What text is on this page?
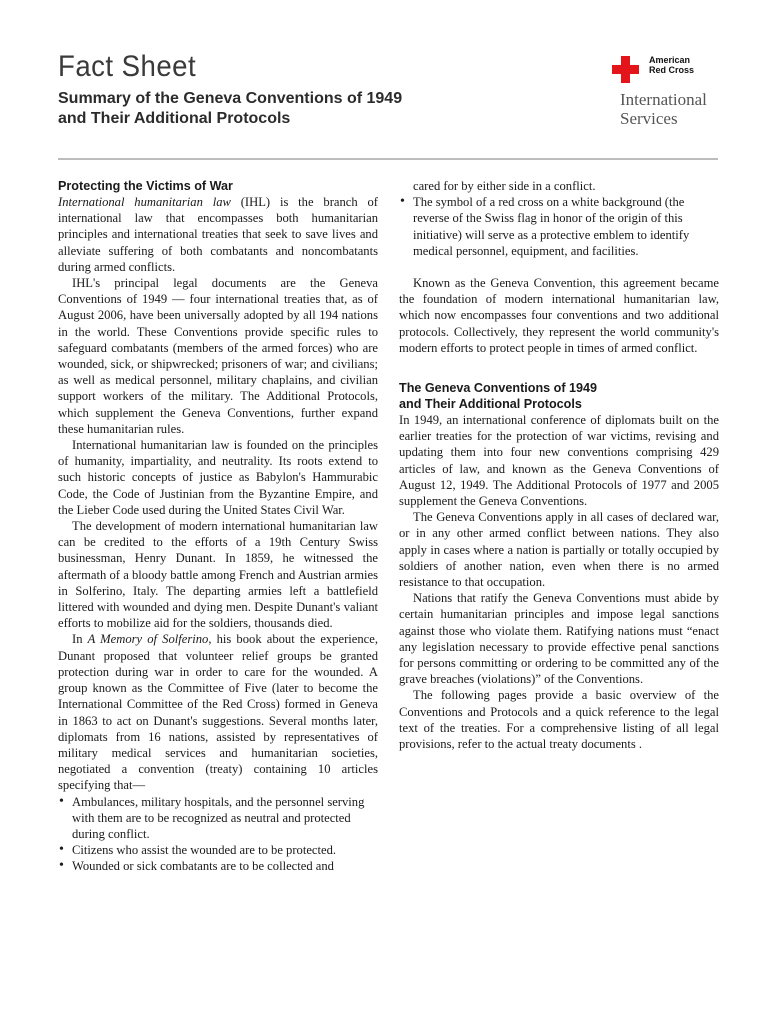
Fact Sheet
Summary of the Geneva Conventions of 1949
and Their Additional Protocols
American
Red Cross
International
Services
Protecting the Victims of War

International humanitarian law (IHL) is the branch of international law that encompasses both humanitarian principles and international treaties that seek to save lives and alleviate suffering of both combatants and noncombatants during armed conflicts.

IHL's principal legal documents are the Geneva Conventions of 1949 — four international treaties that, as of August 2006, have been universally adopted by all 194 nations in the world. These Conventions provide specific rules to safeguard combatants (members of the armed forces) who are wounded, sick, or shipwrecked; prisoners of war; and civilians; as well as medical personnel, military chaplains, and civilian support workers of the military. The Additional Protocols, which supplement the Geneva Conventions, further expand these humanitarian rules.

International humanitarian law is founded on the principles of humanity, impartiality, and neutrality. Its roots extend to such historic concepts of justice as Babylon's Hammurabic Code, the Code of Justinian from the Byzantine Empire, and the Lieber Code used during the United States Civil War.

The development of modern international humanitarian law can be credited to the efforts of a 19th Century Swiss businessman, Henry Dunant. In 1859, he witnessed the aftermath of a bloody battle among French and Austrian armies in Solferino, Italy. The departing armies left a battlefield littered with wounded and dying men. Despite Dunant's valiant efforts to mobilize aid for the soldiers, thousands died.

In A Memory of Solferino, his book about the experience, Dunant proposed that volunteer relief groups be granted protection during war in order to care for the wounded. A group known as the Committee of Five (later to become the International Committee of the Red Cross) formed in Geneva in 1863 to act on Dunant's suggestions. Several months later, diplomats from 16 nations, assisted by representatives of military medical services and humanitarian societies, negotiated a convention (treaty) containing 10 articles specifying that—

• Ambulances, military hospitals, and the personnel serving with them are to be recognized as neutral and protected during conflict.
• Citizens who assist the wounded are to be protected.
• Wounded or sick combatants are to be collected and
cared for by either side in a conflict.
• The symbol of a red cross on a white background (the reverse of the Swiss flag in honor of the origin of this initiative) will serve as a protective emblem to identify medical personnel, equipment, and facilities.

Known as the Geneva Convention, this agreement became the foundation of modern international humanitarian law, which now encompasses four conventions and two additional protocols. Collectively, they represent the world community's modern efforts to protect people in times of armed conflict.

The Geneva Conventions of 1949
and Their Additional Protocols

In 1949, an international conference of diplomats built on the earlier treaties for the protection of war victims, revising and updating them into four new conventions comprising 429 articles of law, and known as the Geneva Conventions of August 12, 1949. The Additional Protocols of 1977 and 2005 supplement the Geneva Conventions.

The Geneva Conventions apply in all cases of declared war, or in any other armed conflict between nations. They also apply in cases where a nation is partially or totally occupied by soldiers of another nation, even when there is no armed resistance to that occupation.

Nations that ratify the Geneva Conventions must abide by certain humanitarian principles and impose legal sanctions against those who violate them. Ratifying nations must “enact any legislation necessary to provide effective penal sanctions for persons committing or ordering to be committed any of the grave breaches (violations)” of the Conventions.

The following pages provide a basic overview of the Conventions and Protocols and a quick reference to the legal text of the treaties. For a comprehensive listing of all legal provisions, refer to the actual treaty documents .
